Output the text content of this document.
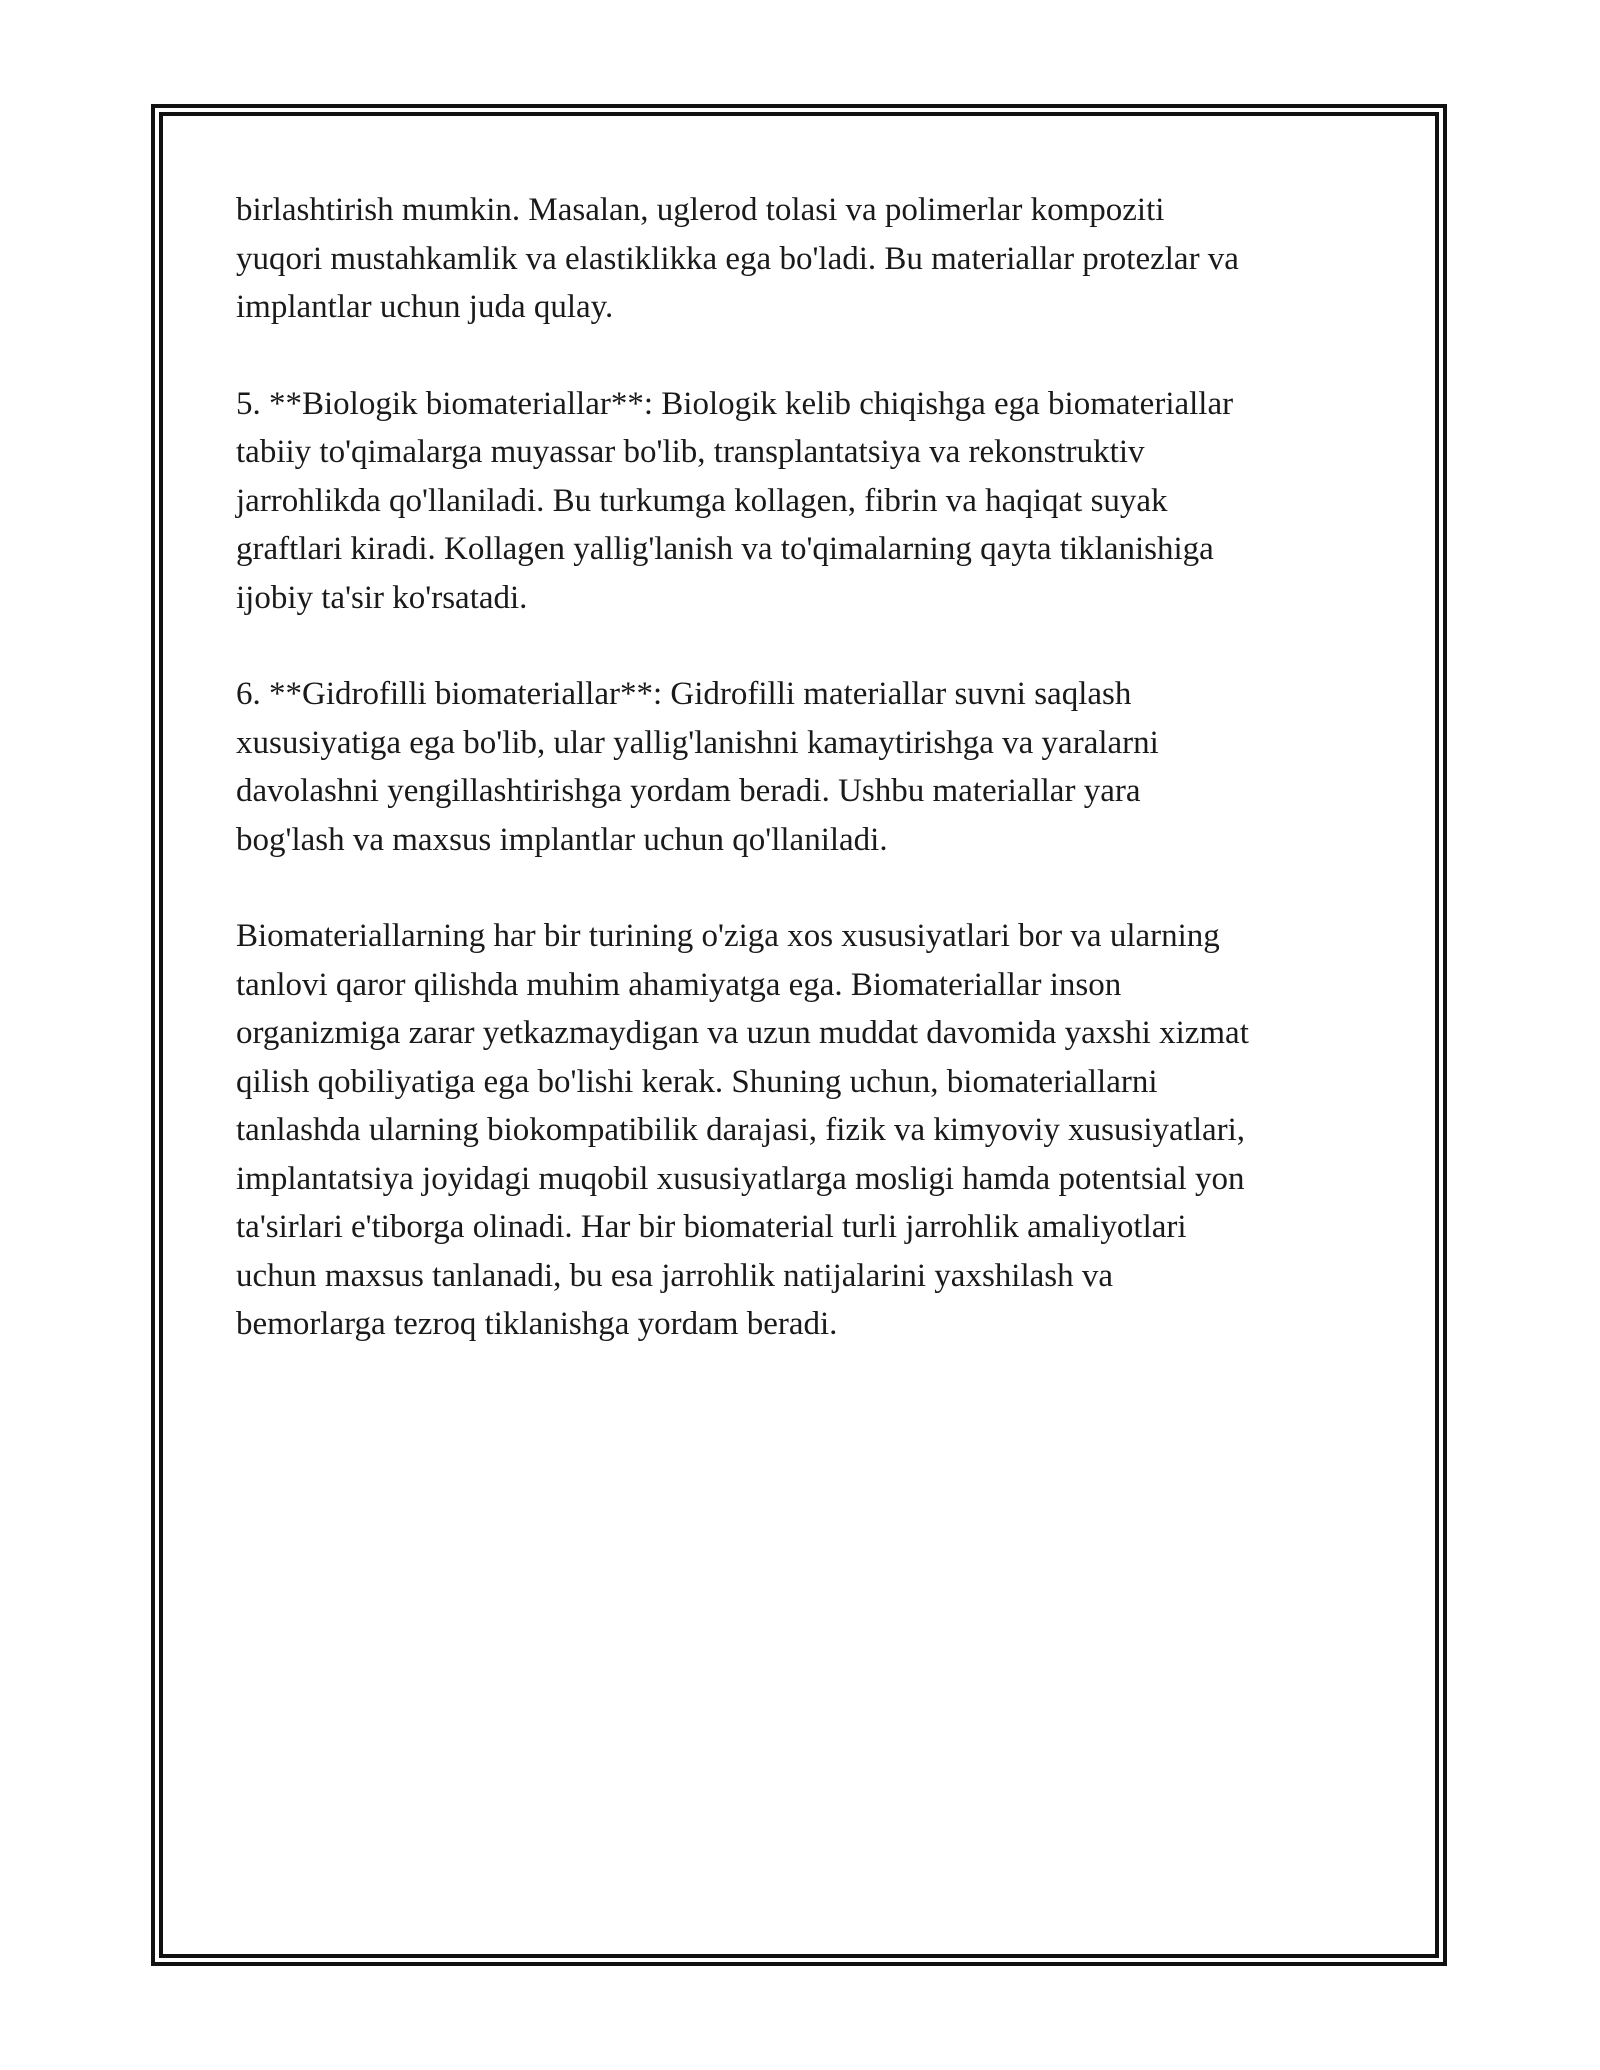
birlashtirish mumkin. Masalan, uglerod tolasi va polimerlar kompoziti
yuqori mustahkamlik va elastiklikka ega bo'ladi. Bu materiallar protezlar va
implantlar uchun juda qulay.

5. **Biologik biomateriallar**: Biologik kelib chiqishga ega biomateriallar
tabiiy to'qimalarga muyassar bo'lib, transplantatsiya va rekonstruktiv
jarrohlikda qo'llaniladi. Bu turkumga kollagen, fibrin va haqiqat suyak
graftlari kiradi. Kollagen yallig'lanish va to'qimalarning qayta tiklanishiga
ijobiy ta'sir ko'rsatadi.

6. **Gidrofilli biomateriallar**: Gidrofilli materiallar suvni saqlash
xususiyatiga ega bo'lib, ular yallig'lanishni kamaytirishga va yaralarni
davolashni yengillashtirishga yordam beradi. Ushbu materiallar yara
bog'lash va maxsus implantlar uchun qo'llaniladi.

Biomateriallarning har bir turining o'ziga xos xususiyatlari bor va ularning
tanlovi qaror qilishda muhim ahamiyatga ega. Biomateriallar inson
organizmiga zarar yetkazmaydigan va uzun muddat davomida yaxshi xizmat
qilish qobiliyatiga ega bo'lishi kerak. Shuning uchun, biomateriallarni
tanlashda ularning biokompatibilik darajasi, fizik va kimyoviy xususiyatlari,
implantatsiya joyidagi muqobil xususiyatlarga mosligi hamda potentsial yon
ta'sirlari e'tiborga olinadi. Har bir biomaterial turli jarrohlik amaliyotlari
uchun maxsus tanlanadi, bu esa jarrohlik natijalarini yaxshilash va
bemorlarga tezroq tiklanishga yordam beradi.
